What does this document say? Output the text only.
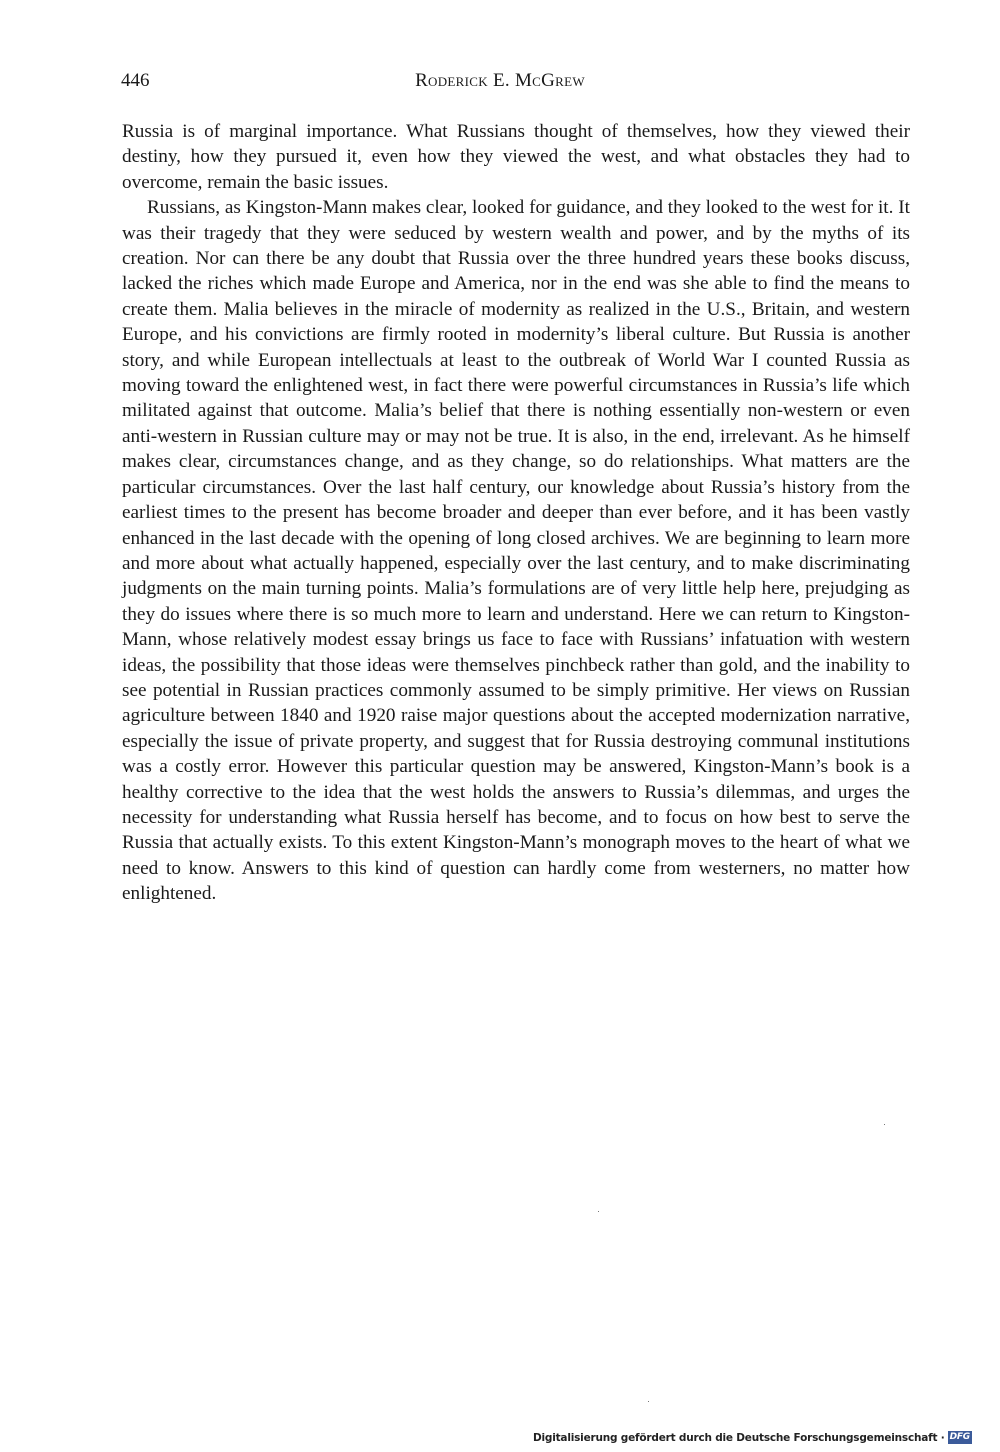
446	Roderick E. McGrew

Russia is of marginal importance. What Russians thought of themselves, how they viewed their destiny, how they pursued it, even how they viewed the west, and what obstacles they had to overcome, remain the basic issues.

Russians, as Kingston-Mann makes clear, looked for guidance, and they looked to the west for it. It was their tragedy that they were seduced by western wealth and power, and by the myths of its creation. Nor can there be any doubt that Russia over the three hundred years these books discuss, lacked the riches which made Europe and America, nor in the end was she able to find the means to create them. Malia believes in the miracle of modernity as realized in the U.S., Britain, and western Europe, and his convictions are firmly rooted in modernity’s liberal culture. But Russia is another story, and while European intellectuals at least to the outbreak of World War I counted Russia as moving toward the enlightened west, in fact there were powerful circumstances in Russia’s life which militated against that outcome. Malia’s belief that there is nothing essentially non-western or even anti-western in Russian culture may or may not be true. It is also, in the end, irrelevant. As he himself makes clear, circumstances change, and as they change, so do relationships. What matters are the particular circumstances. Over the last half century, our knowledge about Russia’s history from the earliest times to the present has become broader and deeper than ever before, and it has been vastly enhanced in the last decade with the opening of long closed archives. We are beginning to learn more and more about what actually happened, especially over the last century, and to make discriminating judgments on the main turning points. Malia’s formulations are of very little help here, prejudging as they do issues where there is so much more to learn and understand. Here we can return to Kingston-Mann, whose relatively modest essay brings us face to face with Russians’ infatuation with western ideas, the possibility that those ideas were themselves pinchbeck rather than gold, and the inability to see potential in Russian practices commonly assumed to be simply primitive. Her views on Russian agriculture between 1840 and 1920 raise major questions about the accepted modernization narrative, especially the issue of private property, and suggest that for Russia destroying communal institutions was a costly error. However this particular question may be answered, Kingston-Mann’s book is a healthy corrective to the idea that the west holds the answers to Russia’s dilemmas, and urges the necessity for understanding what Russia herself has become, and to focus on how best to serve the Russia that actually exists. To this extent Kingston-Mann’s monograph moves to the heart of what we need to know. Answers to this kind of question can hardly come from westerners, no matter how enlightened.

Digitalisierung gefördert durch die Deutsche Forschungsgemeinschaft · DFG
